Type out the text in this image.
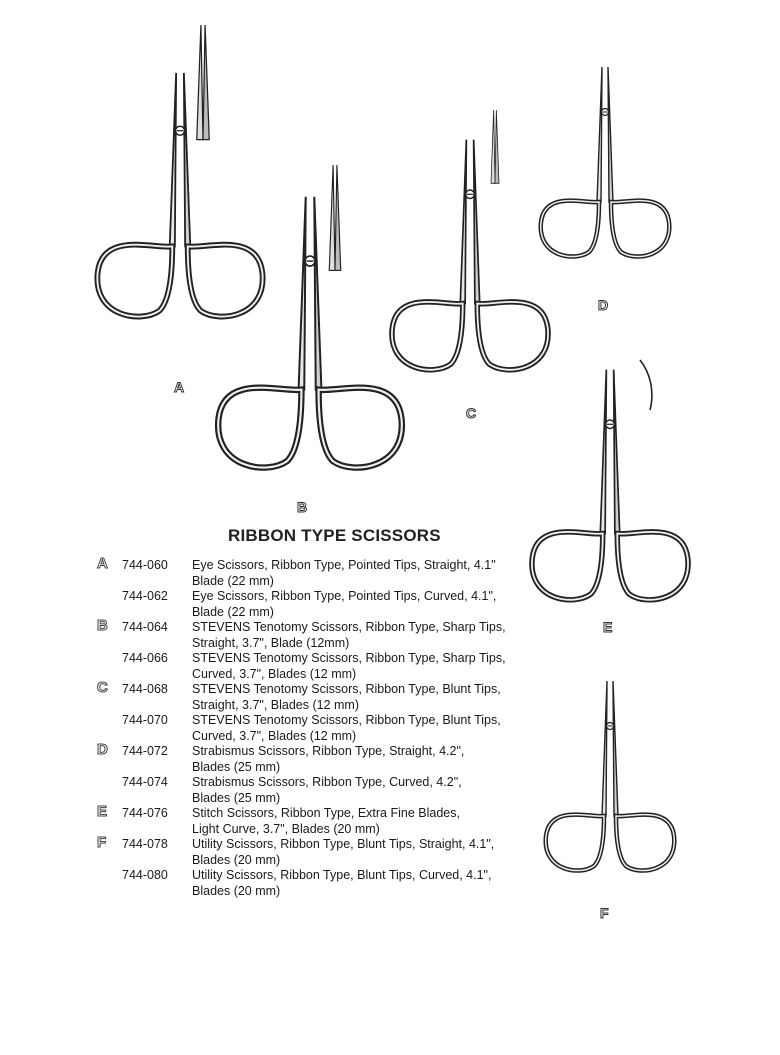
A
B
C
D
E
F
RIBBON TYPE SCISSORS
A 744-060 Eye Scissors, Ribbon Type, Pointed Tips, Straight, 4.1"
Blade (22 mm)
744-062 Eye Scissors, Ribbon Type, Pointed Tips, Curved, 4.1",
Blade (22 mm)
B 744-064 STEVENS Tenotomy Scissors, Ribbon Type, Sharp Tips,
Straight, 3.7", Blade (12mm)
744-066 STEVENS Tenotomy Scissors, Ribbon Type, Sharp Tips,
Curved, 3.7", Blades (12 mm)
C 744-068 STEVENS Tenotomy Scissors, Ribbon Type, Blunt Tips,
Straight, 3.7", Blades (12 mm)
744-070 STEVENS Tenotomy Scissors, Ribbon Type, Blunt Tips,
Curved, 3.7", Blades (12 mm)
D 744-072 Strabismus Scissors, Ribbon Type, Straight, 4.2",
Blades (25 mm)
744-074 Strabismus Scissors, Ribbon Type, Curved, 4.2",
Blades (25 mm)
E 744-076 Stitch Scissors, Ribbon Type, Extra Fine Blades,
Light Curve, 3.7", Blades (20 mm)
F 744-078 Utility Scissors, Ribbon Type, Blunt Tips, Straight, 4.1",
Blades (20 mm)
744-080 Utility Scissors, Ribbon Type, Blunt Tips, Curved, 4.1",
Blades (20 mm)
